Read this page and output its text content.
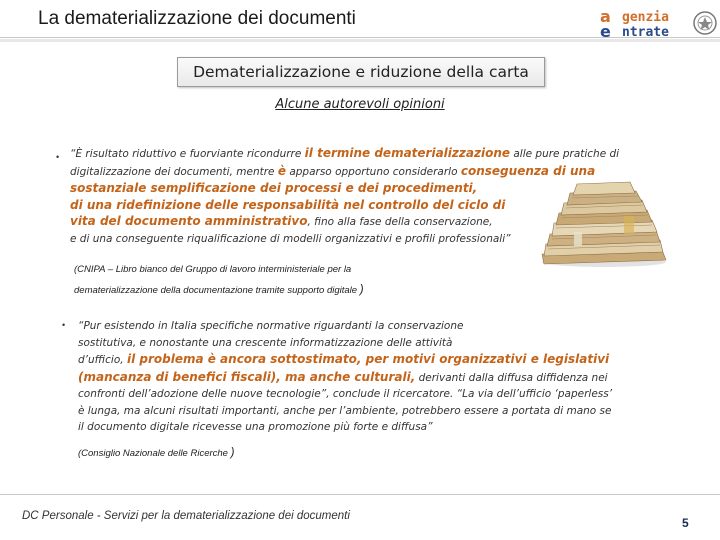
La dematerializzazione dei documenti	a
e
genzia
ntrate
Dematerializzazione e riduzione della carta
Alcune autorevoli opinioni
• “È risultato riduttivo e fuorviante ricondurre il termine dematerializzazione alle pure pratiche di

digitalizzazione dei documenti, mentre è apparso opportuno considerarlo conseguenza di una

sostanziale semplificazione dei processi e dei procedimenti,

di una ridefinizione delle responsabilità nel controllo del ciclo di

vita del documento amministrativo, fino alla fase della conservazione,

e di una conseguente riqualificazione di modelli organizzativi e profili professionali”

(CNIPA – Libro bianco del Gruppo di lavoro interministeriale per la
dematerializzazione della documentazione tramite supporto digitale )
• “Pur esistendo in Italia specifiche normative riguardanti la conservazione

sostitutiva, e nonostante una crescente informatizzazione delle attività

d’ufficio, il problema è ancora sottostimato, per motivi organizzativi e legislativi

(mancanza di benefici fiscali), ma anche culturali, derivanti dalla diffusa diffidenza nei

confronti dell’adozione delle nuove tecnologie”, conclude il ricercatore. “La via dell’ufficio ‘paperless’

è lunga, ma alcuni risultati importanti, anche per l’ambiente, potrebbero essere a portata di mano se

il documento digitale ricevesse una promozione più forte e diffusa”

(Consiglio Nazionale delle Ricerche )
DC Personale - Servizi per la dematerializzazione dei documenti	5
